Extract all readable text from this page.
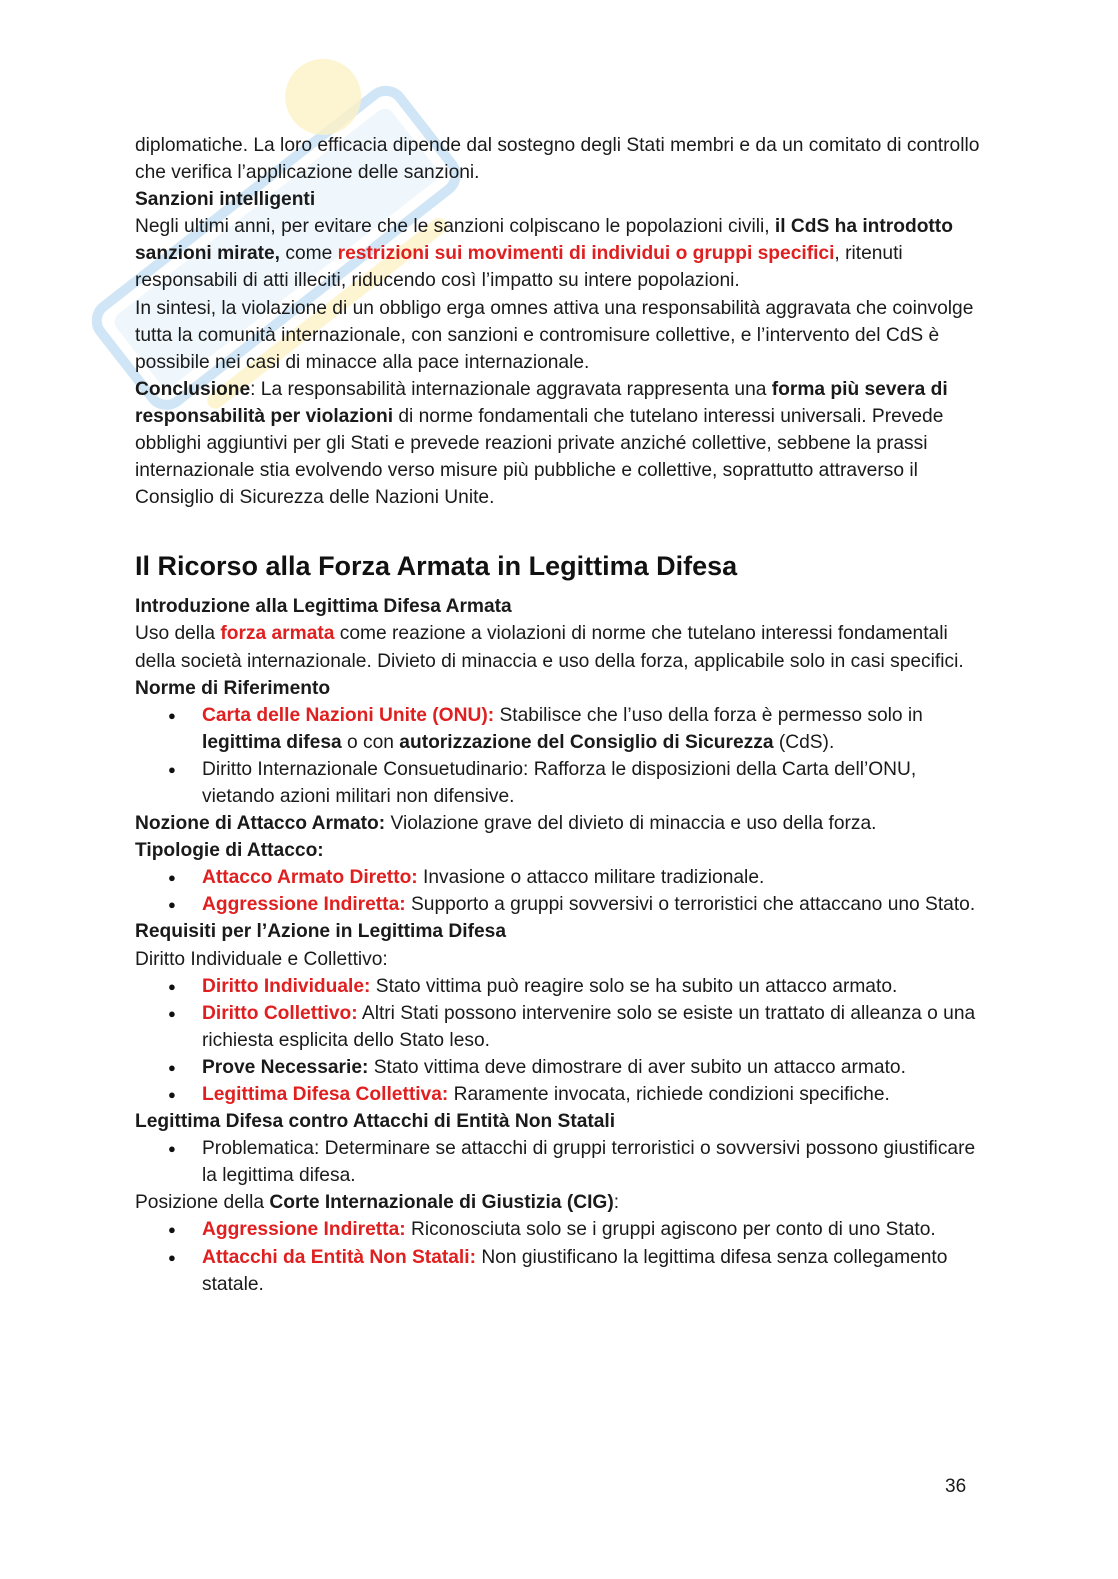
diplomatiche. La loro efficacia dipende dal sostegno degli Stati membri e da un comitato di controllo che verifica l’applicazione delle sanzioni.

Sanzioni intelligenti

Negli ultimi anni, per evitare che le sanzioni colpiscano le popolazioni civili, il CdS ha introdotto sanzioni mirate, come restrizioni sui movimenti di individui o gruppi specifici, ritenuti responsabili di atti illeciti, riducendo così l’impatto su intere popolazioni.

In sintesi, la violazione di un obbligo erga omnes attiva una responsabilità aggravata che coinvolge tutta la comunità internazionale, con sanzioni e contromisure collettive, e l’intervento del CdS è possibile nei casi di minacce alla pace internazionale.

Conclusione: La responsabilità internazionale aggravata rappresenta una forma più severa di responsabilità per violazioni di norme fondamentali che tutelano interessi universali. Prevede obblighi aggiuntivi per gli Stati e prevede reazioni private anziché collettive, sebbene la prassi internazionale stia evolvendo verso misure più pubbliche e collettive, soprattutto attraverso il Consiglio di Sicurezza delle Nazioni Unite.

Il Ricorso alla Forza Armata in Legittima Difesa

Introduzione alla Legittima Difesa Armata

Uso della forza armata come reazione a violazioni di norme che tutelano interessi fondamentali della società internazionale. Divieto di minaccia e uso della forza, applicabile solo in casi specifici.

Norme di Riferimento

● Carta delle Nazioni Unite (ONU): Stabilisce che l’uso della forza è permesso solo in legittima difesa o con autorizzazione del Consiglio di Sicurezza (CdS).
● Diritto Internazionale Consuetudinario: Rafforza le disposizioni della Carta dell’ONU, vietando azioni militari non difensive.

Nozione di Attacco Armato: Violazione grave del divieto di minaccia e uso della forza.

Tipologie di Attacco:

● Attacco Armato Diretto: Invasione o attacco militare tradizionale.
● Aggressione Indiretta: Supporto a gruppi sovversivi o terroristici che attaccano uno Stato.

Requisiti per l’Azione in Legittima Difesa

Diritto Individuale e Collettivo:

● Diritto Individuale: Stato vittima può reagire solo se ha subito un attacco armato.
● Diritto Collettivo: Altri Stati possono intervenire solo se esiste un trattato di alleanza o una richiesta esplicita dello Stato leso.
● Prove Necessarie: Stato vittima deve dimostrare di aver subito un attacco armato.
● Legittima Difesa Collettiva: Raramente invocata, richiede condizioni specifiche.

Legittima Difesa contro Attacchi di Entità Non Statali

● Problematica: Determinare se attacchi di gruppi terroristici o sovversivi possono giustificare la legittima difesa.

Posizione della Corte Internazionale di Giustizia (CIG):

● Aggressione Indiretta: Riconosciuta solo se i gruppi agiscono per conto di uno Stato.
● Attacchi da Entità Non Statali: Non giustificano la legittima difesa senza collegamento statale.
36
